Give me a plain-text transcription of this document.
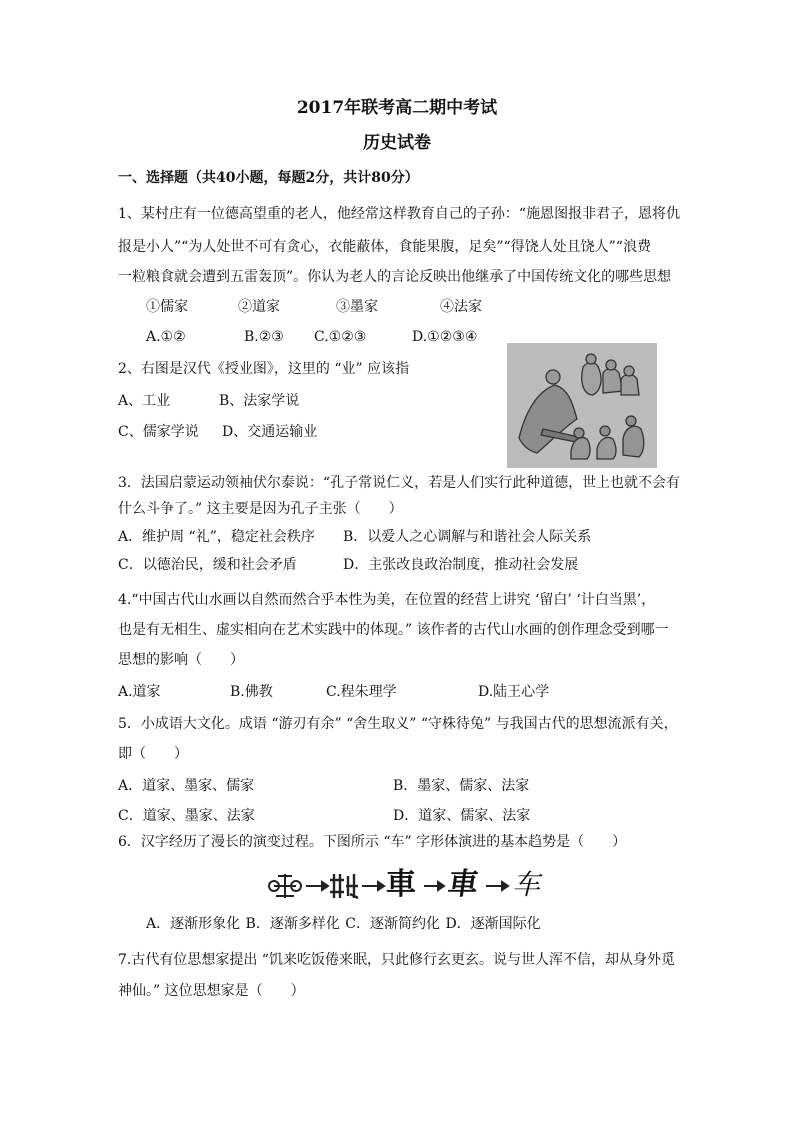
2017年联考高二期中考试
历史试卷
一、选择题（共40小题，每题2分，共计80分）
1、某村庄有一位德高望重的老人，他经常这样教育自己的子孙：“施恩图报非君子，恩将仇
报是小人”“为人处世不可有贪心，衣能蔽体，食能果腹，足矣”“得饶人处且饶人”“浪费
一粒粮食就会遭到五雷轰顶”。你认为老人的言论反映出他继承了中国传统文化的哪些思想
①儒家	②道家	③墨家	④法家
A.①②	B.②③ C.①②③	D.①②③④
2、右图是汉代《授业图》，这里的 “业” 应该指
A、工业	B、法家学说
C、儒家学说 D、交通运输业
3．法国启蒙运动领袖伏尔泰说：“孔子常说仁义，若是人们实行此种道德，世上也就不会有
什么斗争了。” 这主要是因为孔子主张（　　）
A．维护周 “礼”，稳定社会秩序 B．以爱人之心调解与和谐社会人际关系
C．以德治民，缓和社会矛盾	D．主张改良政治制度，推动社会发展
4.“中国古代山水画以自然而然合乎本性为美，在位置的经营上讲究 ‘留白’ ‘计白当黑’，
也是有无相生、虚实相向在艺术实践中的体现。” 该作者的古代山水画的创作理念受到哪一
思想的影响（　　）
A.道家	B.佛教	C.程朱理学	D.陆王心学
5．小成语大文化。成语 “游刃有余” “舍生取义” “守株待兔” 与我国古代的思想流派有关，
即（　　）
A．道家、墨家、儒家	B．墨家、儒家、法家
C．道家、墨家、法家	D．道家、儒家、法家
6．汉字经历了漫长的演变过程。下图所示 “车” 字形体演进的基本趋势是（　　）
車 車 车
A．逐渐形象化 B．逐渐多样化 C．逐渐简约化 D．逐渐国际化
7.古代有位思想家提出 “饥来吃饭倦来眠，只此修行玄更玄。说与世人浑不信，却从身外觅
神仙。” 这位思想家是（　　）
